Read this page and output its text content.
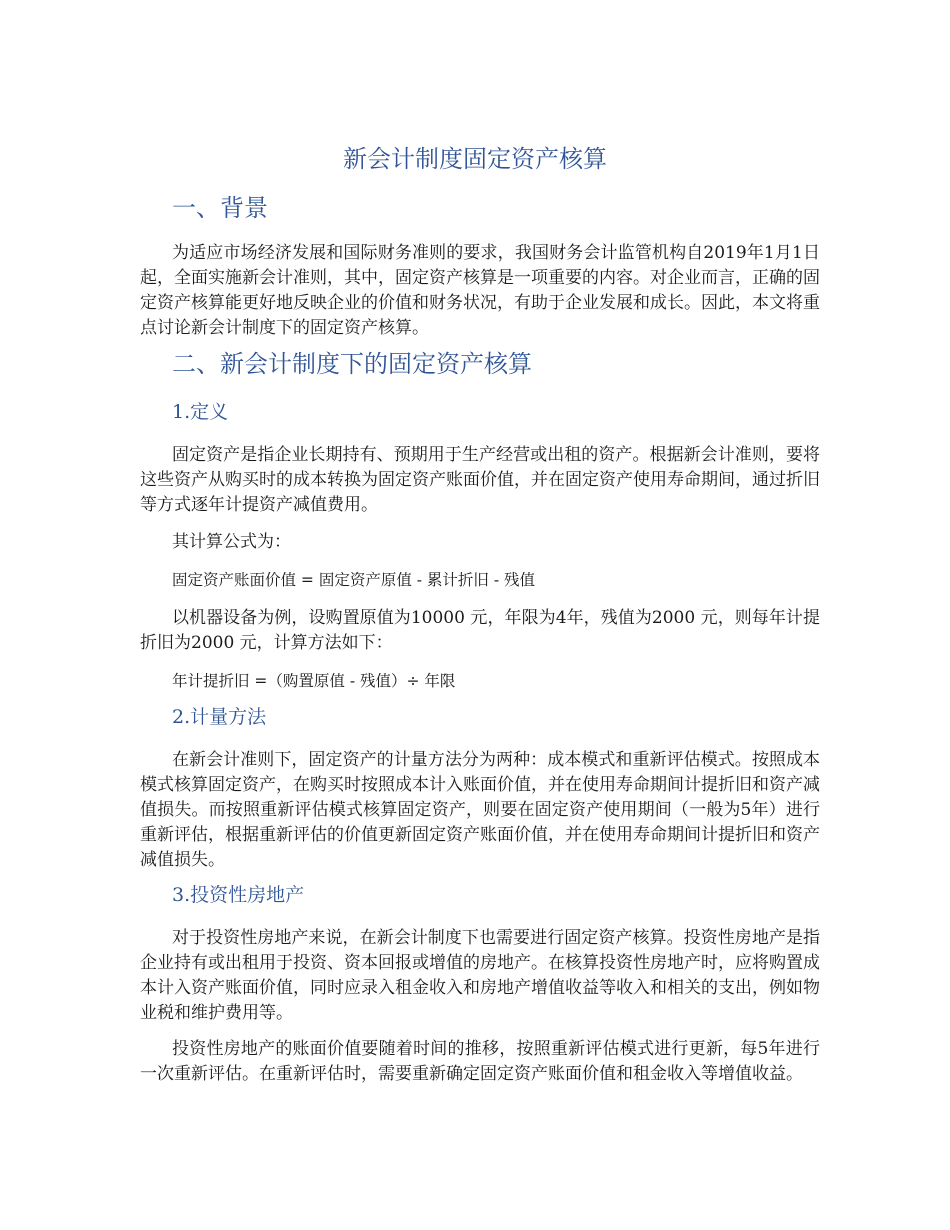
新会计制度固定资产核算
一、背景
为适应市场经济发展和国际财务准则的要求，我国财务会计监管机构自2019年1月1日起，全面实施新会计准则，其中，固定资产核算是一项重要的内容。对企业而言，正确的固定资产核算能更好地反映企业的价值和财务状况，有助于企业发展和成长。因此，本文将重点讨论新会计制度下的固定资产核算。
二、新会计制度下的固定资产核算
1.定义
固定资产是指企业长期持有、预期用于生产经营或出租的资产。根据新会计准则，要将这些资产从购买时的成本转换为固定资产账面价值，并在固定资产使用寿命期间，通过折旧等方式逐年计提资产减值费用。
其计算公式为：
固定资产账面价值 = 固定资产原值 - 累计折旧 - 残值
以机器设备为例，设购置原值为10000 元，年限为4年，残值为2000 元，则每年计提折旧为2000 元，计算方法如下：
年计提折旧 =（购置原值 - 残值）÷ 年限
2.计量方法
在新会计准则下，固定资产的计量方法分为两种：成本模式和重新评估模式。按照成本模式核算固定资产，在购买时按照成本计入账面价值，并在使用寿命期间计提折旧和资产减值损失。而按照重新评估模式核算固定资产，则要在固定资产使用期间（一般为5年）进行重新评估，根据重新评估的价值更新固定资产账面价值，并在使用寿命期间计提折旧和资产减值损失。
3.投资性房地产
对于投资性房地产来说，在新会计制度下也需要进行固定资产核算。投资性房地产是指企业持有或出租用于投资、资本回报或增值的房地产。在核算投资性房地产时，应将购置成本计入资产账面价值，同时应录入租金收入和房地产增值收益等收入和相关的支出，例如物业税和维护费用等。
投资性房地产的账面价值要随着时间的推移，按照重新评估模式进行更新，每5年进行一次重新评估。在重新评估时，需要重新确定固定资产账面价值和租金收入等增值收益。
